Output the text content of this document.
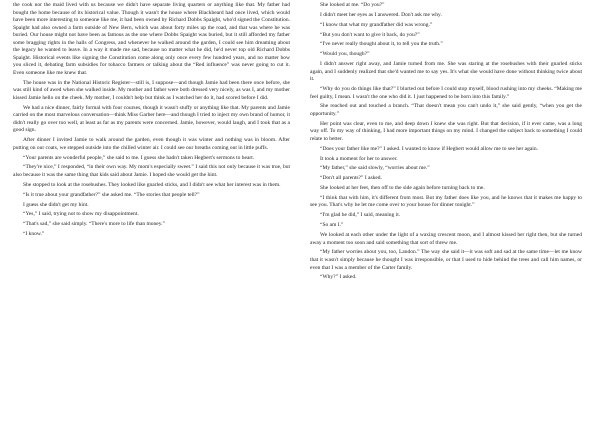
the cook nor the maid lived with us because we didn't have separate living quarters or anything like that. My father had bought the home because of its historical value. Though it wasn't the house where Blackbeard had once lived, which would have been more interesting to someone like me, it had been owned by Richard Dobbs Spaight, who'd signed the Constitution. Spaight had also owned a farm outside of New Bern, which was about forty miles up the road, and that was where he was buried. Our house might not have been as famous as the one where Dobbs Spaight was buried, but it still afforded my father some bragging rights in the halls of Congress, and whenever he walked around the garden, I could see him dreaming about the legacy he wanted to leave. In a way it made me sad, because no matter what he did, he'd never top old Richard Dobbs Spaight. Historical events like signing the Constitution come along only once every few hundred years, and no matter how you sliced it, debating farm subsidies for tobacco farmers or talking about the “Red influence” was never going to cut it. Even someone like me knew that.

The house was in the National Historic Register—still is, I suppose—and though Jamie had been there once before, she was still kind of awed when she walked inside. My mother and father were both dressed very nicely, as was I, and my mother kissed Jamie hello on the cheek. My mother, I couldn't help but think as I watched her do it, had scored before I did.

We had a nice dinner, fairly formal with four courses, though it wasn't stuffy or anything like that. My parents and Jamie carried on the most marvelous conversation—think Miss Garber here—and though I tried to inject my own brand of humor, it didn't really go over too well, at least as far as my parents were concerned. Jamie, however, would laugh, and I took that as a good sign.

After dinner I invited Jamie to walk around the garden, even though it was winter and nothing was in bloom. After putting on our coats, we stepped outside into the chilled winter air. I could see our breaths coming out in little puffs.

“Your parents are wonderful people,” she said to me. I guess she hadn't taken Hegbert's sermons to heart.

“They're nice,” I responded, “in their own way. My mom's especially sweet.” I said this not only because it was true, but also because it was the same thing that kids said about Jamie. I hoped she would get the hint.

She stopped to look at the rosebushes. They looked like gnarled sticks, and I didn't see what her interest was in them.

“Is it true about your grandfather?” she asked me. “The stories that people tell?”

I guess she didn't get my hint.

“Yes,” I said, trying not to show my disappointment.

“That's sad,” she said simply. “There's more to life than money.”

“I know.”

She looked at me. “Do you?”

I didn't meet her eyes as I answered. Don't ask me why.

“I know that what my grandfather did was wrong.”

“But you don't want to give it back, do you?”

“I've never really thought about it, to tell you the truth.”

“Would you, though?”

I didn't answer right away, and Jamie turned from me. She was staring at the rosebushes with their gnarled sticks again, and I suddenly realized that she'd wanted me to say yes. It's what she would have done without thinking twice about it.

“Why do you do things like that?” I blurted out before I could stop myself, blood rushing into my cheeks. “Making me feel guilty, I mean. I wasn't the one who did it. I just happened to be born into this family.”

She reached out and touched a branch. “That doesn't mean you can't undo it,” she said gently, “when you get the opportunity.”

Her point was clear, even to me, and deep down I knew she was right. But that decision, if it ever came, was a long way off. To my way of thinking, I had more important things on my mind. I changed the subject back to something I could relate to better.

“Does your father like me?” I asked. I wanted to know if Hegbert would allow me to see her again.

It took a moment for her to answer.

“My father,” she said slowly, “worries about me.”

“Don't all parents?” I asked.

She looked at her feet, then off to the side again before turning back to me.

“I think that with him, it's different from most. But my father does like you, and he knows that it makes me happy to see you. That's why he let me come over to your house for dinner tonight.”

“I'm glad he did,” I said, meaning it.

“So am I.”

We looked at each other under the light of a waxing crescent moon, and I almost kissed her right then, but she turned away a moment too soon and said something that sort of threw me.

“My father worries about you, too, Landon.” The way she said it—it was soft and sad at the same time—let me know that it wasn't simply because he thought I was irresponsible, or that I used to hide behind the trees and call him names, or even that I was a member of the Carter family.

“Why?” I asked.
